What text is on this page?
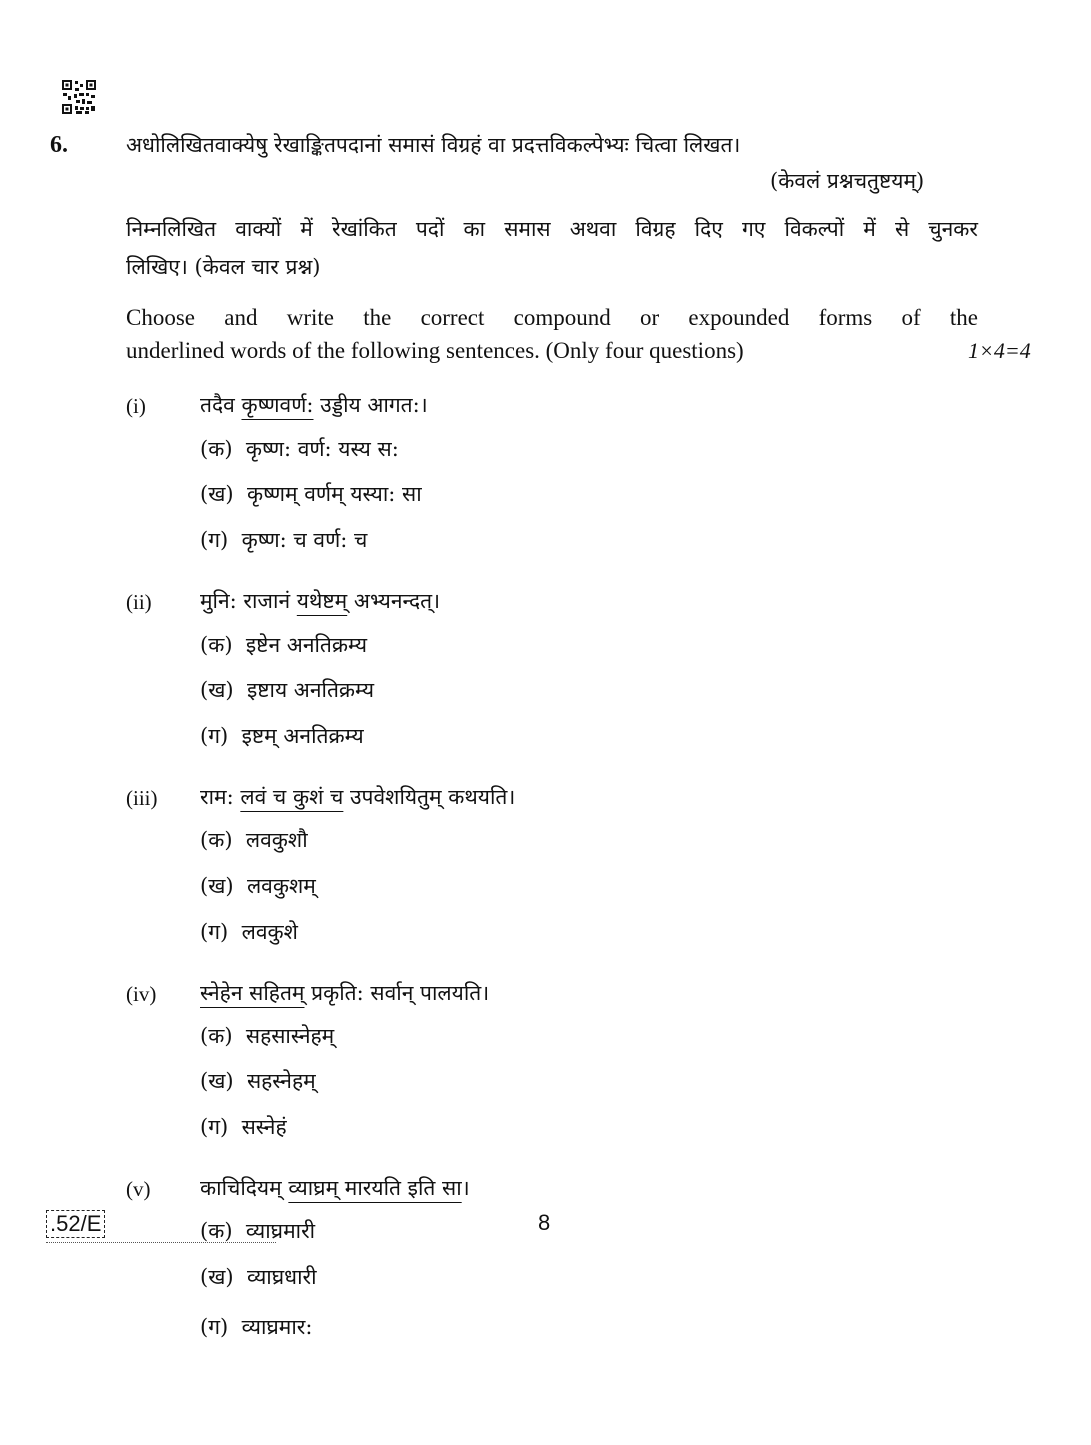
6.	अधोलिखितवाक्येषु रेखाङ्कितपदानां समासं विग्रहं वा प्रदत्तविकल्पेभ्यः चित्वा लिखत।
(केवलं प्रश्नचतुष्टयम्)
निम्नलिखित वाक्यों में रेखांकित पदों का समास अथवा विग्रह दिए गए विकल्पों में से चुनकर
लिखिए। (केवल चार प्रश्न)
Choose and write the correct compound or expounded forms of the
underlined words of the following sentences. (Only four questions)	1×4=4
(i)	तदैव कृष्णवर्ण: उड्डीय आगत:।
(क) कृष्ण: वर्ण: यस्य स:
(ख) कृष्णम् वर्णम् यस्या: सा
(ग) कृष्ण: च वर्ण: च
(ii) मुनि: राजानं यथेष्टम् अभ्यनन्दत्।
(क) इष्टेन अनतिक्रम्य
(ख) इष्टाय अनतिक्रम्य
(ग) इष्टम् अनतिक्रम्य
(iii) राम: लवं च कुशं च उपवेशयितुम् कथयति।
(क) लवकुशौ
(ख) लवकुशम्
(ग) लवकुशे
(iv) स्नेहेन सहितम् प्रकृति: सर्वान् पालयति।
(क) सहसास्नेहम्
(ख) सहस्नेहम्
(ग) सस्नेहं
(v) काचिदियम् व्याघ्रम् मारयति इति सा।
(क) व्याघ्रमारी
(ख) व्याघ्रधारी
(ग) व्याघ्रमार:
.52/E	8
